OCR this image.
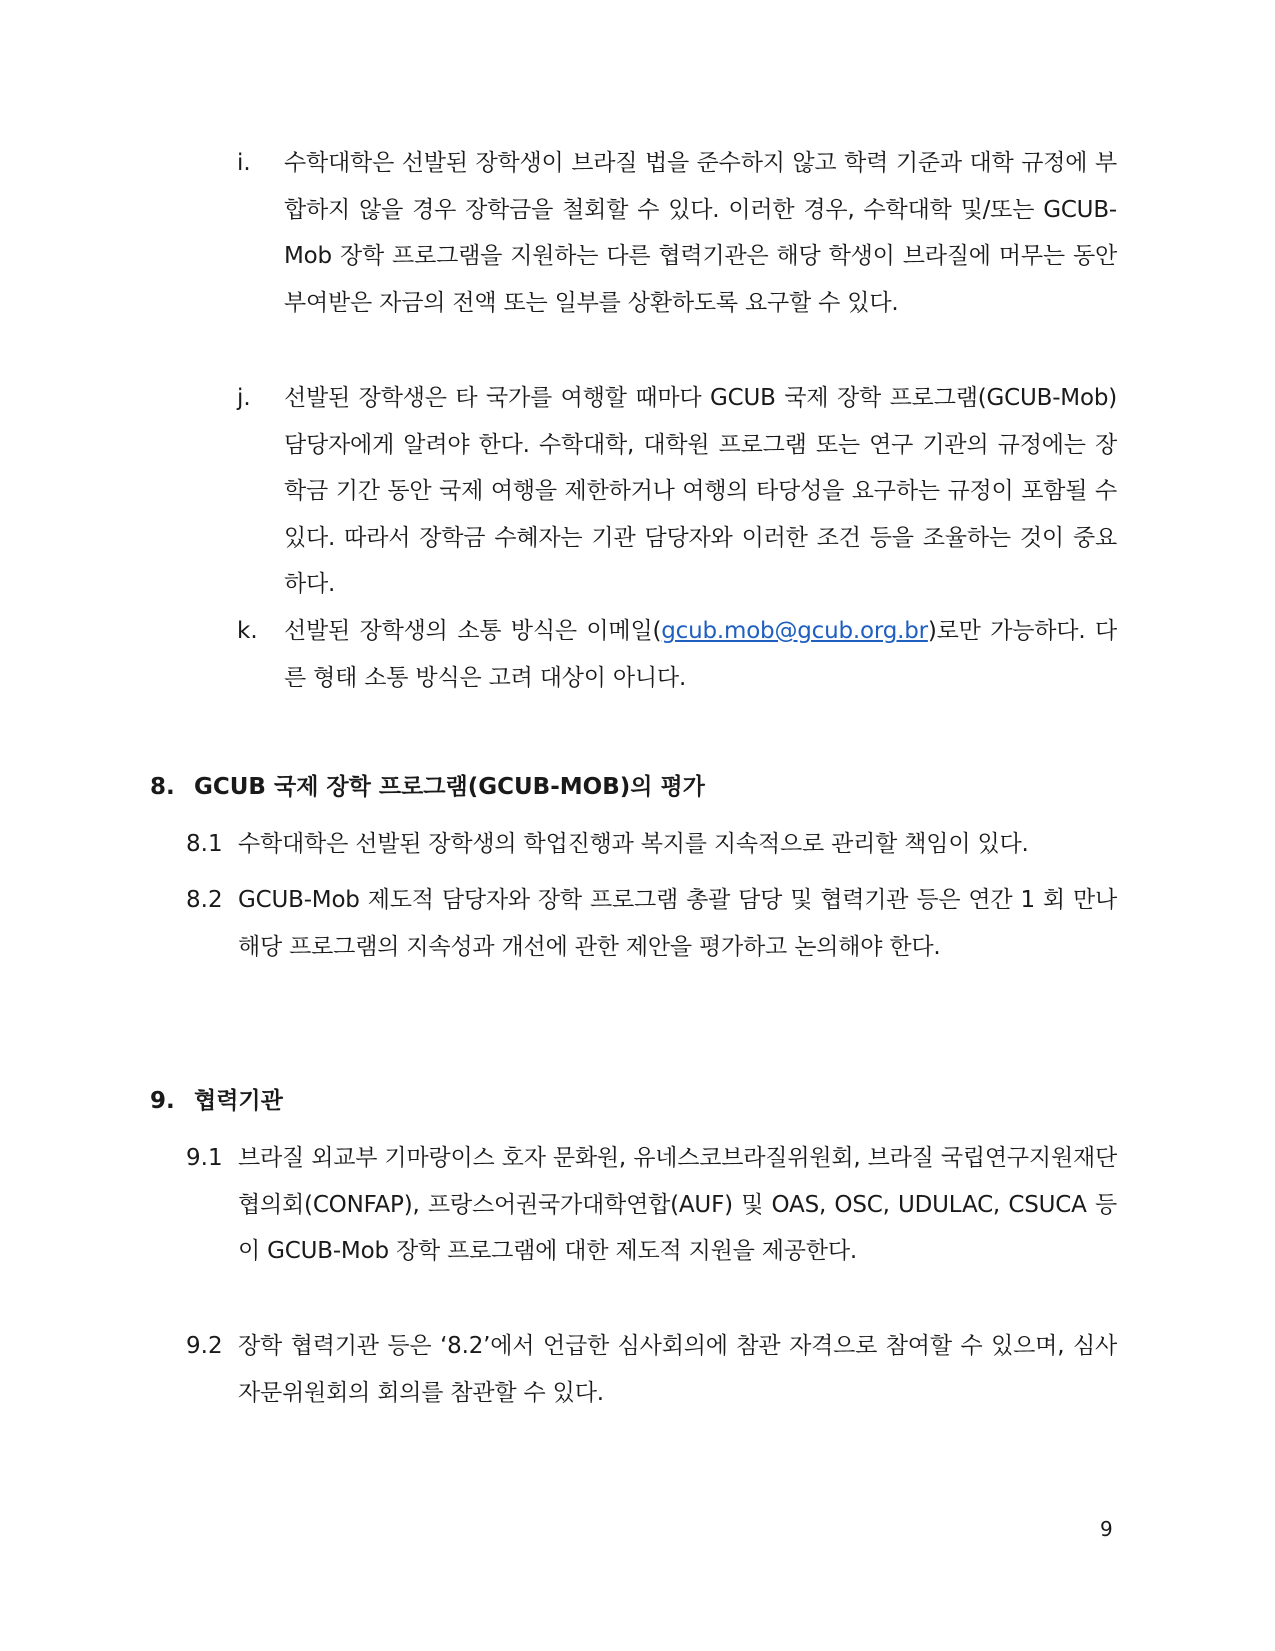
i.	수학대학은 선발된 장학생이 브라질 법을 준수하지 않고 학력 기준과 대학 규정에 부합하지 않을 경우 장학금을 철회할 수 있다. 이러한 경우, 수학대학 및/또는 GCUB-Mob 장학 프로그램을 지원하는 다른 협력기관은 해당 학생이 브라질에 머무는 동안 부여받은 자금의 전액 또는 일부를 상환하도록 요구할 수 있다.
j.	선발된 장학생은 타 국가를 여행할 때마다 GCUB 국제 장학 프로그램(GCUB-Mob) 담당자에게 알려야 한다. 수학대학, 대학원 프로그램 또는 연구 기관의 규정에는 장학금 기간 동안 국제 여행을 제한하거나 여행의 타당성을 요구하는 규정이 포함될 수 있다. 따라서 장학금 수혜자는 기관 담당자와 이러한 조건 등을 조율하는 것이 중요하다.
k.	선발된 장학생의 소통 방식은 이메일(gcub.mob@gcub.org.br)로만 가능하다. 다른 형태 소통 방식은 고려 대상이 아니다.
8. GCUB 국제 장학 프로그램(GCUB-MOB)의 평가
8.1 수학대학은 선발된 장학생의 학업진행과 복지를 지속적으로 관리할 책임이 있다.
8.2 GCUB-Mob 제도적 담당자와 장학 프로그램 총괄 담당 및 협력기관 등은 연간 1 회 만나 해당 프로그램의 지속성과 개선에 관한 제안을 평가하고 논의해야 한다.
9. 협력기관
9.1 브라질 외교부 기마랑이스 호자 문화원, 유네스코브라질위원회, 브라질 국립연구지원재단협의회(CONFAP), 프랑스어권국가대학연합(AUF) 및 OAS, OSC, UDULAC, CSUCA 등이 GCUB-Mob 장학 프로그램에 대한 제도적 지원을 제공한다.
9.2 장학 협력기관 등은 ‘8.2’에서 언급한 심사회의에 참관 자격으로 참여할 수 있으며, 심사자문위원회의 회의를 참관할 수 있다.
9
